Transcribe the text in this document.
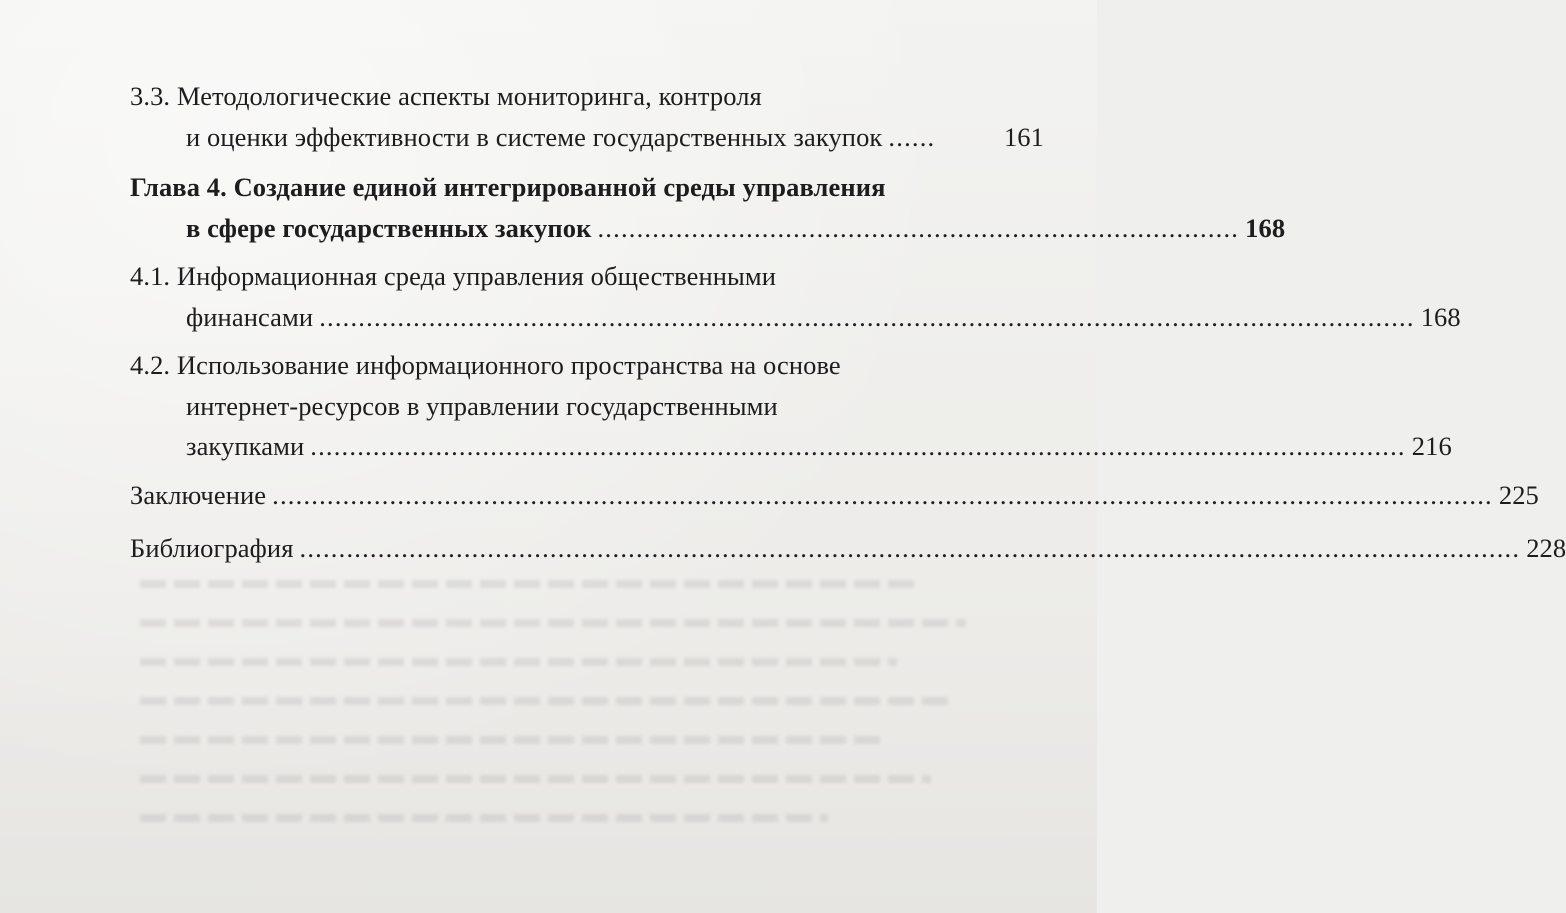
3.3. Методологические аспекты мониторинга, контроля
и оценки эффективности в системе государственных закупок ......	161
Глава 4. Создание единой интегрированной среды управления
в сфере государственных закупок .................................................................................. 168
4.1. Информационная среда управления общественными
финансами ............................................................................................................................................ 168
4.2. Использование информационного пространства на основе
интернет-ресурсов в управлении государственными
закупками ............................................................................................................................................ 216
Заключение ............................................................................................................................................................ 225
Библиография ............................................................................................................................................................ 228
